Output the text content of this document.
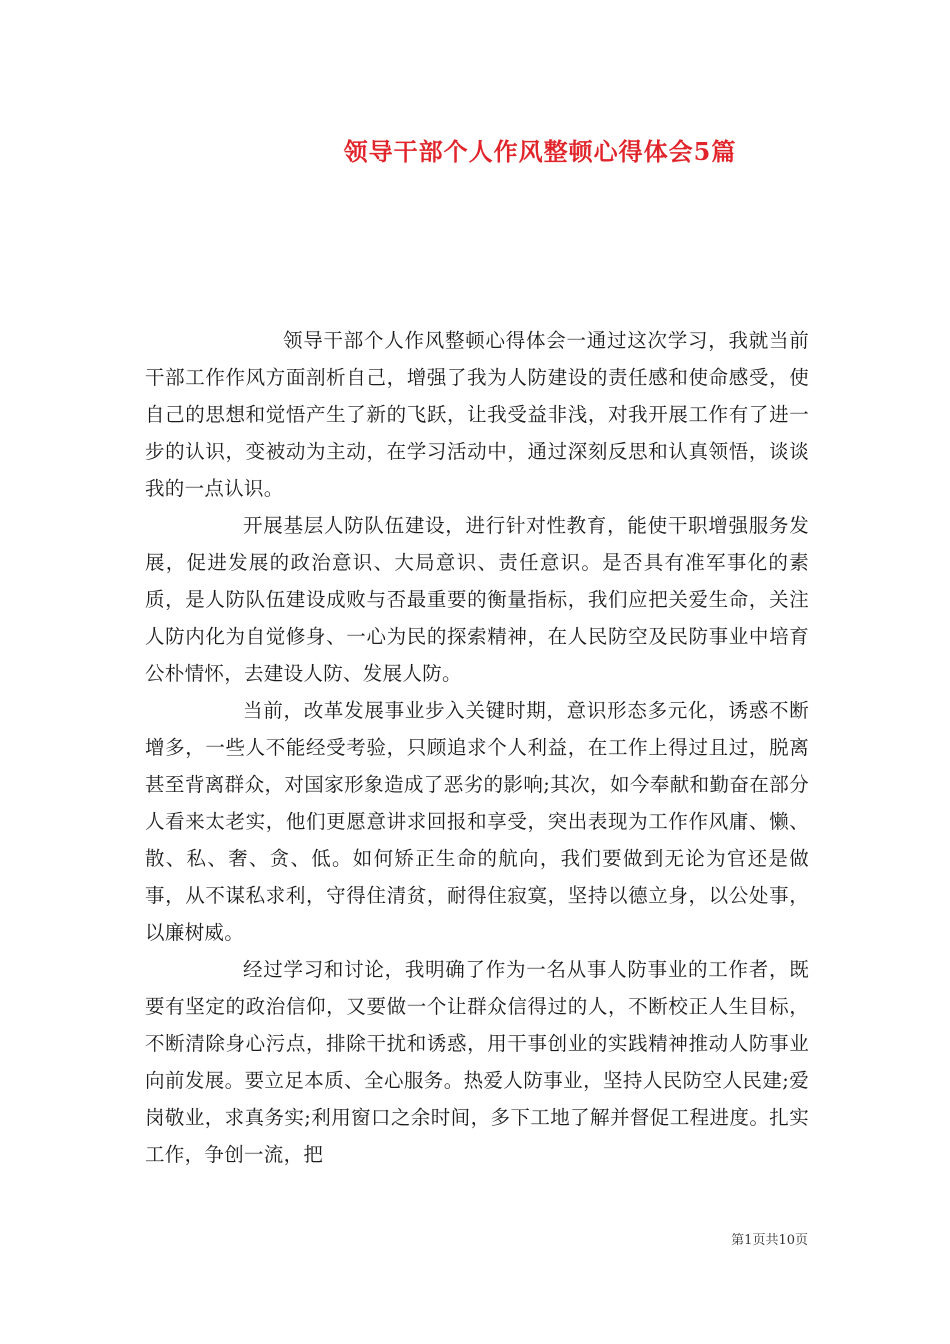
领导干部个人作风整顿心得体会5篇

领导干部个人作风整顿心得体会一通过这次学习，我就当前干部工作作风方面剖析自己，增强了我为人防建设的责任感和使命感受，使自己的思想和觉悟产生了新的飞跃，让我受益非浅，对我开展工作有了进一步的认识，变被动为主动，在学习活动中，通过深刻反思和认真领悟，谈谈我的一点认识。

开展基层人防队伍建设，进行针对性教育，能使干职增强服务发展，促进发展的政治意识、大局意识、责任意识。是否具有准军事化的素质，是人防队伍建设成败与否最重要的衡量指标，我们应把关爱生命，关注人防内化为自觉修身、一心为民的探索精神，在人民防空及民防事业中培育公朴情怀，去建设人防、发展人防。

当前，改革发展事业步入关键时期，意识形态多元化，诱惑不断增多，一些人不能经受考验，只顾追求个人利益，在工作上得过且过，脱离甚至背离群众，对国家形象造成了恶劣的影响;其次，如今奉献和勤奋在部分人看来太老实，他们更愿意讲求回报和享受，突出表现为工作作风庸、懒、散、私、奢、贪、低。如何矫正生命的航向，我们要做到无论为官还是做事，从不谋私求利，守得住清贫，耐得住寂寞，坚持以德立身，以公处事，以廉树威。

经过学习和讨论，我明确了作为一名从事人防事业的工作者，既要有坚定的政治信仰，又要做一个让群众信得过的人，不断校正人生目标，不断清除身心污点，排除干扰和诱惑，用干事创业的实践精神推动人防事业向前发展。要立足本质、全心服务。热爱人防事业，坚持人民防空人民建;爱岗敬业，求真务实;利用窗口之余时间，多下工地了解并督促工程进度。扎实工作，争创一流，把

第1页共10页
